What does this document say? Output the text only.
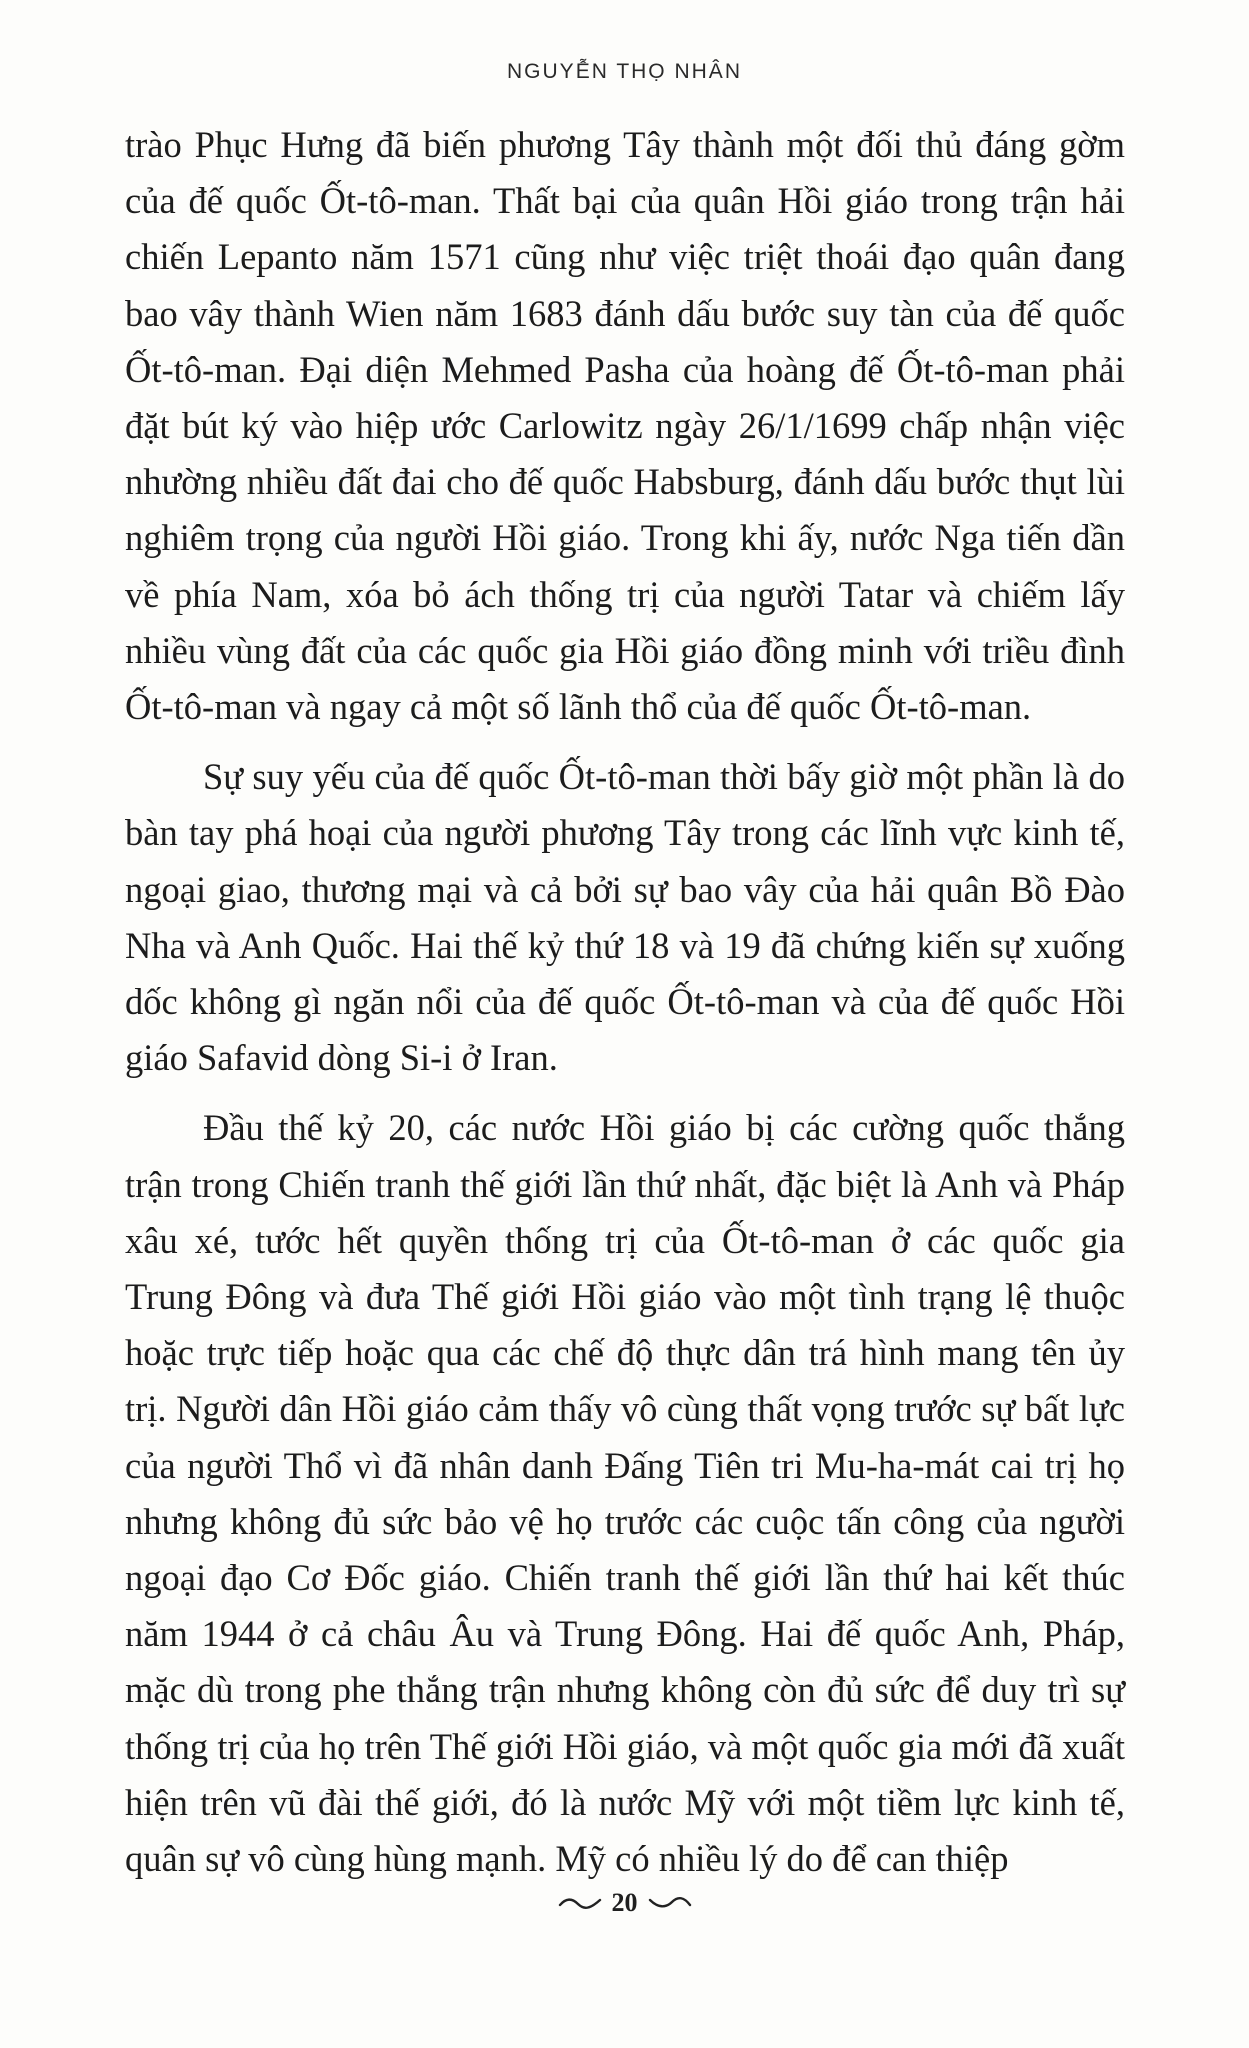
NGUYỄN THỌ NHÂN

trào Phục Hưng đã biến phương Tây thành một đối thủ đáng gờm của đế quốc Ốt-tô-man. Thất bại của quân Hồi giáo trong trận hải chiến Lepanto năm 1571 cũng như việc triệt thoái đạo quân đang bao vây thành Wien năm 1683 đánh dấu bước suy tàn của đế quốc Ốt-tô-man. Đại diện Mehmed Pasha của hoàng đế Ốt-tô-man phải đặt bút ký vào hiệp ước Carlowitz ngày 26/1/1699 chấp nhận việc nhường nhiều đất đai cho đế quốc Habsburg, đánh dấu bước thụt lùi nghiêm trọng của người Hồi giáo. Trong khi ấy, nước Nga tiến dần về phía Nam, xóa bỏ ách thống trị của người Tatar và chiếm lấy nhiều vùng đất của các quốc gia Hồi giáo đồng minh với triều đình Ốt-tô-man và ngay cả một số lãnh thổ của đế quốc Ốt-tô-man.

Sự suy yếu của đế quốc Ốt-tô-man thời bấy giờ một phần là do bàn tay phá hoại của người phương Tây trong các lĩnh vực kinh tế, ngoại giao, thương mại và cả bởi sự bao vây của hải quân Bồ Đào Nha và Anh Quốc. Hai thế kỷ thứ 18 và 19 đã chứng kiến sự xuống dốc không gì ngăn nổi của đế quốc Ốt-tô-man và của đế quốc Hồi giáo Safavid dòng Si-i ở Iran.

Đầu thế kỷ 20, các nước Hồi giáo bị các cường quốc thắng trận trong Chiến tranh thế giới lần thứ nhất, đặc biệt là Anh và Pháp xâu xé, tước hết quyền thống trị của Ốt-tô-man ở các quốc gia Trung Đông và đưa Thế giới Hồi giáo vào một tình trạng lệ thuộc hoặc trực tiếp hoặc qua các chế độ thực dân trá hình mang tên ủy trị. Người dân Hồi giáo cảm thấy vô cùng thất vọng trước sự bất lực của người Thổ vì đã nhân danh Đấng Tiên tri Mu-ha-mát cai trị họ nhưng không đủ sức bảo vệ họ trước các cuộc tấn công của người ngoại đạo Cơ Đốc giáo. Chiến tranh thế giới lần thứ hai kết thúc năm 1944 ở cả châu Âu và Trung Đông. Hai đế quốc Anh, Pháp, mặc dù trong phe thắng trận nhưng không còn đủ sức để duy trì sự thống trị của họ trên Thế giới Hồi giáo, và một quốc gia mới đã xuất hiện trên vũ đài thế giới, đó là nước Mỹ với một tiềm lực kinh tế, quân sự vô cùng hùng mạnh. Mỹ có nhiều lý do để can thiệp

20
